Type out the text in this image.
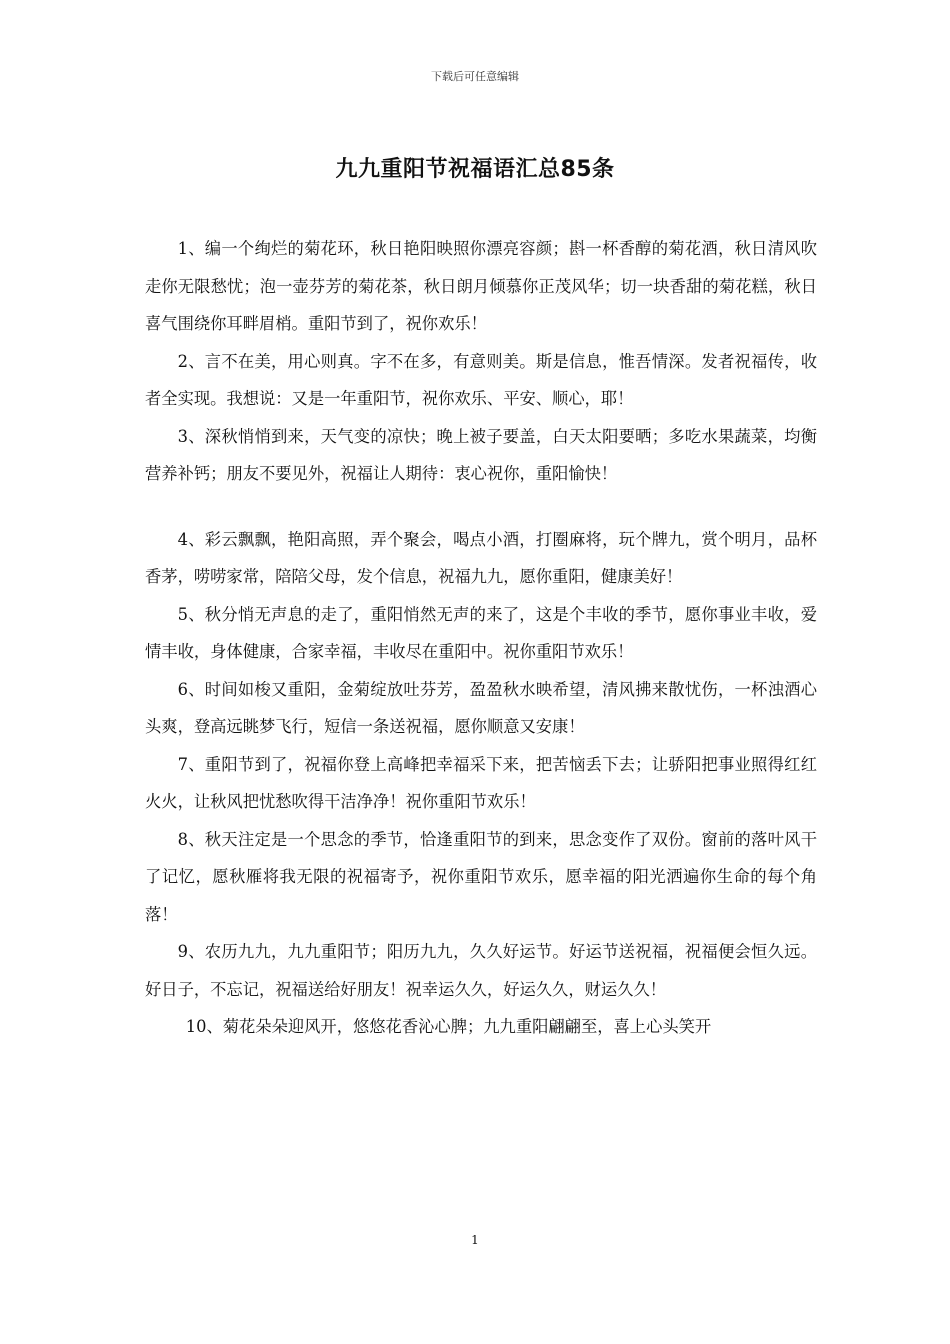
下载后可任意编辑
九九重阳节祝福语汇总85条

1、编一个绚烂的菊花环，秋日艳阳映照你漂亮容颜；斟一杯香醇的菊花酒，秋日清风吹走你无限愁忧；泡一壶芬芳的菊花茶，秋日朗月倾慕你正茂风华；切一块香甜的菊花糕，秋日喜气围绕你耳畔眉梢。重阳节到了，祝你欢乐！

2、言不在美，用心则真。字不在多，有意则美。斯是信息，惟吾情深。发者祝福传，收者全实现。我想说：又是一年重阳节，祝你欢乐、平安、顺心，耶！

3、深秋悄悄到来，天气变的凉快；晚上被子要盖，白天太阳要晒；多吃水果蔬菜，均衡营养补钙；朋友不要见外，祝福让人期待：衷心祝你，重阳愉快！

4、彩云飘飘，艳阳高照，弄个聚会，喝点小酒，打圈麻将，玩个牌九，赏个明月，品杯香茅，唠唠家常，陪陪父母，发个信息，祝福九九，愿你重阳，健康美好！

5、秋分悄无声息的走了，重阳悄然无声的来了，这是个丰收的季节，愿你事业丰收，爱情丰收，身体健康，合家幸福，丰收尽在重阳中。祝你重阳节欢乐！

6、时间如梭又重阳，金菊绽放吐芬芳，盈盈秋水映希望，清风拂来散忧伤，一杯浊酒心头爽，登高远眺梦飞行，短信一条送祝福，愿你顺意又安康！

7、重阳节到了，祝福你登上高峰把幸福采下来，把苦恼丢下去；让骄阳把事业照得红红火火，让秋风把忧愁吹得干洁净净！祝你重阳节欢乐！

8、秋天注定是一个思念的季节，恰逢重阳节的到来，思念变作了双份。窗前的落叶风干了记忆，愿秋雁将我无限的祝福寄予，祝你重阳节欢乐，愿幸福的阳光洒遍你生命的每个角落！

9、农历九九，九九重阳节；阳历九九，久久好运节。好运节送祝福，祝福便会恒久远。好日子，不忘记，祝福送给好朋友！祝幸运久久，好运久久，财运久久！

10、菊花朵朵迎风开，悠悠花香沁心脾；九九重阳翩翩至，喜上心头笑开

1
